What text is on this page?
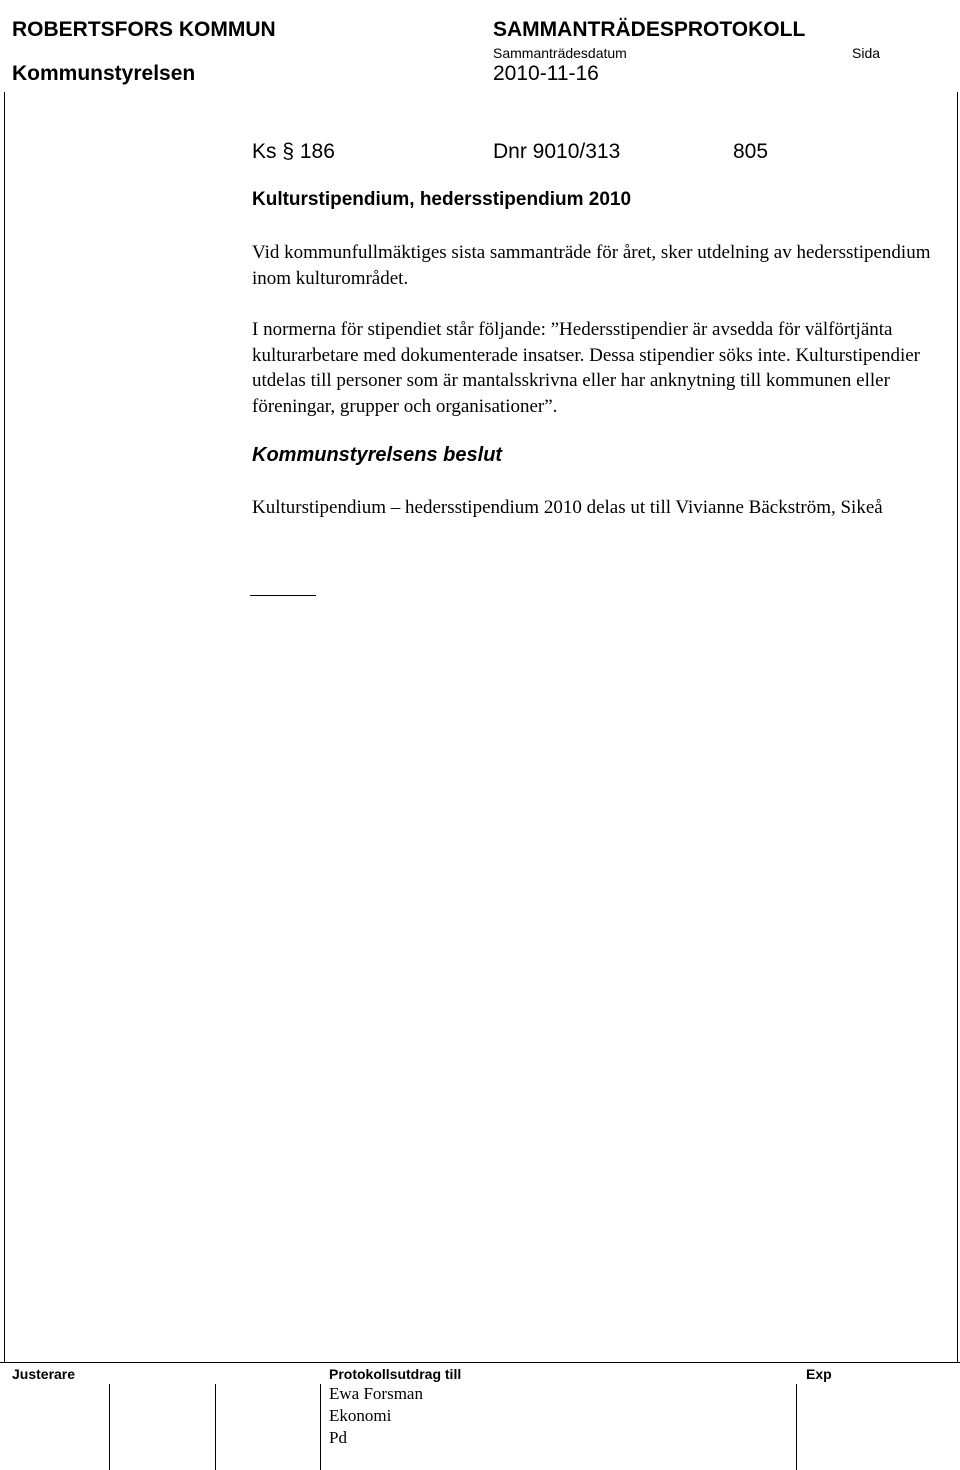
ROBERTSFORS KOMMUN
Kommunstyrelsen
SAMMANTRÄDESPROTOKOLL
Sammanträdesdatum
2010-11-16
Sida
Ks § 186	Dnr 9010/313	805
Kulturstipendium, hedersstipendium 2010
Vid kommunfullmäktiges sista sammanträde för året, sker utdelning av hedersstipendium inom kulturområdet.
I normerna för stipendiet står följande: ”Hedersstipendier är avsedda för välförtjänta kulturarbetare med dokumenterade insatser. Dessa stipendier söks inte. Kulturstipendier utdelas till personer som är mantalsskrivna eller har anknytning till kommunen eller föreningar, grupper och organisationer”.
Kommunstyrelsens beslut
Kulturstipendium – hedersstipendium 2010 delas ut till Vivianne Bäckström, Sikeå
Justerare	Protokollsutdrag till	Exp
Ewa Forsman
Ekonomi
Pd
